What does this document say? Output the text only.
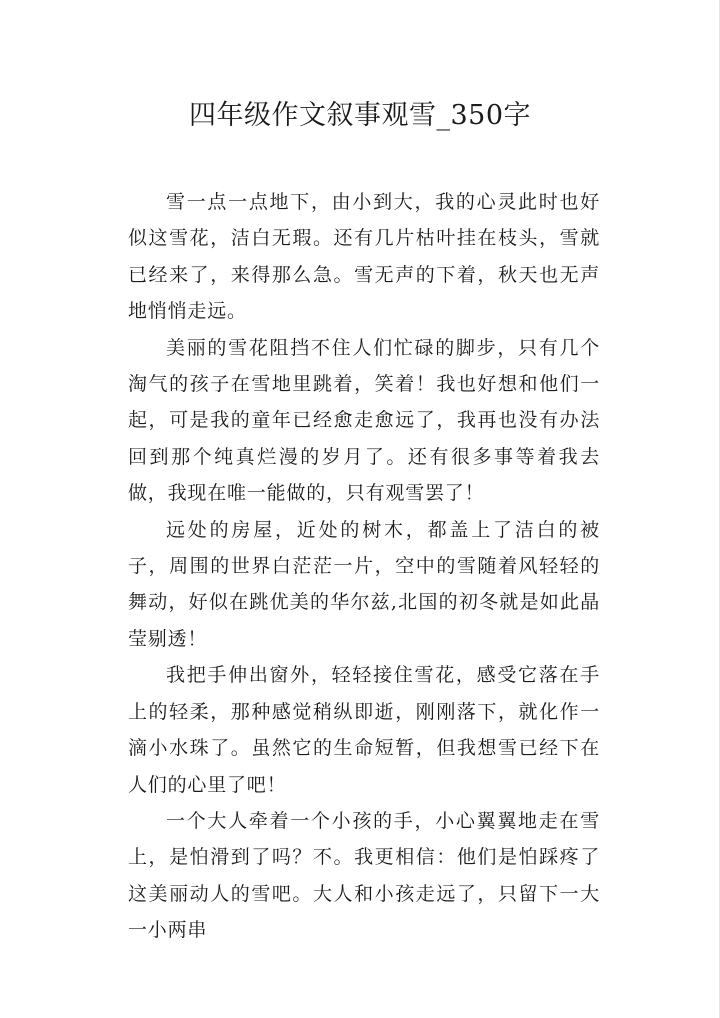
四年级作文叙事观雪_350字

雪一点一点地下，由小到大，我的心灵此时也好似这雪花，洁白无瑕。还有几片枯叶挂在枝头，雪就已经来了，来得那么急。雪无声的下着，秋天也无声地悄悄走远。

美丽的雪花阻挡不住人们忙碌的脚步，只有几个淘气的孩子在雪地里跳着，笑着！我也好想和他们一起，可是我的童年已经愈走愈远了，我再也没有办法回到那个纯真烂漫的岁月了。还有很多事等着我去做，我现在唯一能做的，只有观雪罢了！

远处的房屋，近处的树木，都盖上了洁白的被子，周围的世界白茫茫一片，空中的雪随着风轻轻的舞动，好似在跳优美的华尔兹,北国的初冬就是如此晶莹剔透！

我把手伸出窗外，轻轻接住雪花，感受它落在手上的轻柔，那种感觉稍纵即逝，刚刚落下，就化作一滴小水珠了。虽然它的生命短暂，但我想雪已经下在人们的心里了吧！

一个大人牵着一个小孩的手，小心翼翼地走在雪上，是怕滑到了吗？不。我更相信：他们是怕踩疼了这美丽动人的雪吧。大人和小孩走远了，只留下一大一小两串
